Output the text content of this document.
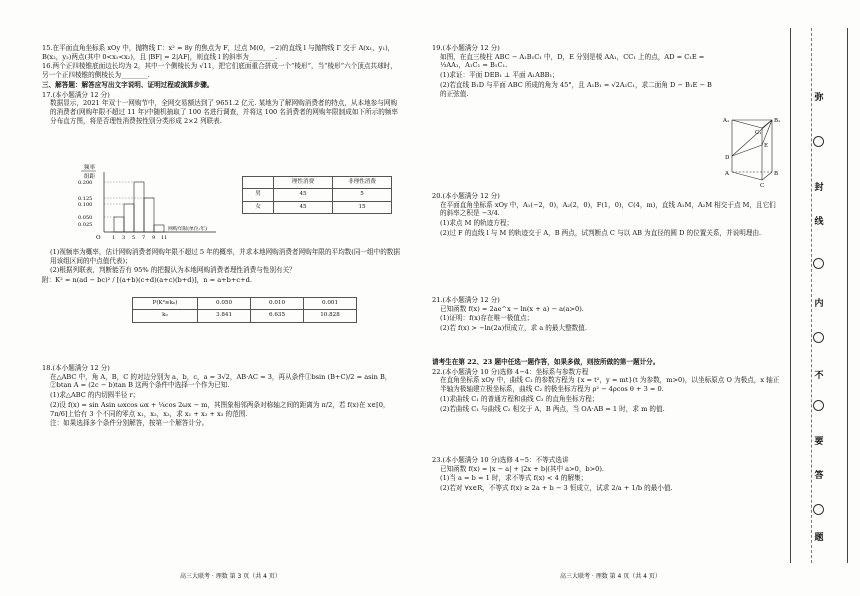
15.在平面直角坐标系 xOy 中，抛物线 Γ：x² = 8y 的焦点为 F，过点 M(0，−2)的直线 l 与抛物线 Γ 交于 A(x₁，y₁)，B(x₂，y₂)两点(其中 0<x₁<x₂)，且 |BF| = 2|AF|，则直线 l 的斜率为________.

16.两个正四棱锥底面边长均为 2，其中一个侧棱长为 √11，把它们底面重合拼成一个“棱形”，当“棱形”六个顶点共球时，另一个正四棱锥的侧棱长为________.

三、解答题：解答应写出文字说明、证明过程或演算步骤。

17.(本小题满分 12 分)

数据显示，2021 年双十一网购节中，全网交易额达到了 9651.2 亿元. 某地为了解网购消费者的特点，从本地参与网购的消费者(网购年限不超过 11 年)中随机抽取了 100 名进行调查，并将这 100 名消费者的网购年限制成如下所示的频率分布直方图，将是否理性消费按性别分类形成 2×2 列联表.

频率
组距
O
0.200
0.125
0.100
0.050
0.025
1 3 5 7 9 11
网购年限(单位:年)
	理性消费	非理性消费
男	45	5
女	45	15

(1)视频率为概率，估计网购消费者网购年限不超过 5 年的概率，并求本地网购消费者网购年限的平均数(同一组中的数据用该组区间的中点值代表)；

(2)根据列联表，判断能否有 95% 的把握认为本地网购消费者理性消费与性别有关？

附：K² = n(ad − bc)² / [(a+b)(c+d)(a+c)(b+d)]，n = a+b+c+d.

P(K²≥k₀)	0.050	0.010	0.001
k₀	3.841	6.635	10.828

18.(本小题满分 12 分)

在△ABC 中，角 A，B，C 的对边分别为 a，b，c，a = 3√2，AB·AC = 3，再从条件①bsin (B+C)/2 = asin B，②btan A = (2c − b)tan B 这两个条件中选择一个作为已知.

(1)求△ABC 的内切圆半径 r；

(2)设 f(x) = sin Asin ωxcos ωx + ¼cos 2ωx − m，其图象相邻两条对称轴之间的距离为 π/2，若 f(x)在 x∈[0，7π/6]上恰有 3 个不同的零点 x₁，x₂，x₃，求 x₁ + x₂ + x₃ 的范围.

注：如果选择多个条件分别解答，按第一个解答计分。

高三大联考 · 理数 第 3 页（共 4 页）

19.(本小题满分 12 分)

如图，在直三棱柱 ABC − A₁B₁C₁ 中，D，E 分别是棱 AA₁，CC₁ 上的点，AD = C₁E = ⅓AA₁，A₁C₁ = B₁C₁.

(1)求证：平面 DEB₁ ⊥ 平面 A₁ABB₁；

(2)若直线 B₁D 与平面 ABC 所成的角为 45°，且 A₁B₁ = √2A₁C₁，求二面角 D − B₁E − B 的正弦值.

20.(本小题满分 12 分)

在平面直角坐标系 xOy 中，A₁(−2，0)，A₂(2，0)，F(1，0)，C(4，m)，直线 A₁M，A₂M 相交于点 M，且它们的斜率之积是 −3/4.

(1)求点 M 的轨迹方程；

(2)过 F 的直线 l 与 M 的轨迹交于 A，B 两点，试判断点 C 与以 AB 为直径的圆 D 的位置关系，并说明理由.

21.(本小题满分 12 分)

已知函数 f(x) = 2ae^x − ln(x + a) − a(a>0).

(1)证明：f(x)存在唯一极值点；

(2)若 f(x) > −ln(2a)恒成立，求 a 的最大整数值.

请考生在第 22、23 题中任选一题作答，如果多做，则按所做的第一题计分。

22.(本小题满分 10 分)选修 4−4：坐标系与参数方程

在直角坐标系 xOy 中，曲线 C₁ 的参数方程为 {x = t²，y = mt}(t 为参数，m>0)，以坐标原点 O 为极点，x 轴正半轴为极轴建立极坐标系，曲线 C₂ 的极坐标方程为 ρ² − 4ρcos θ + 3 = 0.

(1)求曲线 C₁ 的普通方程和曲线 C₂ 的直角坐标方程；

(2)若曲线 C₁ 与曲线 C₂ 相交于 A，B 两点，当 OA·AB = 1 时，求 m 的值.

23.(本小题满分 10 分)选修 4−5：不等式选讲

已知函数 f(x) = |x − a| + |2x + b|(其中 a>0，b>0).

(1)当 a = b = 1 时，求不等式 f(x) < 4 的解集；

(2)若对 ∀x∈R，不等式 f(x) ≥ 2a + b − 3 恒成立，试求 2/a + 1/b 的最小值.

A₁	B₁
C₁
D
E
A	B
C
高三大联考 · 理数 第 4 页（共 4 页）
弥
封
线
内
不
要
答
题
